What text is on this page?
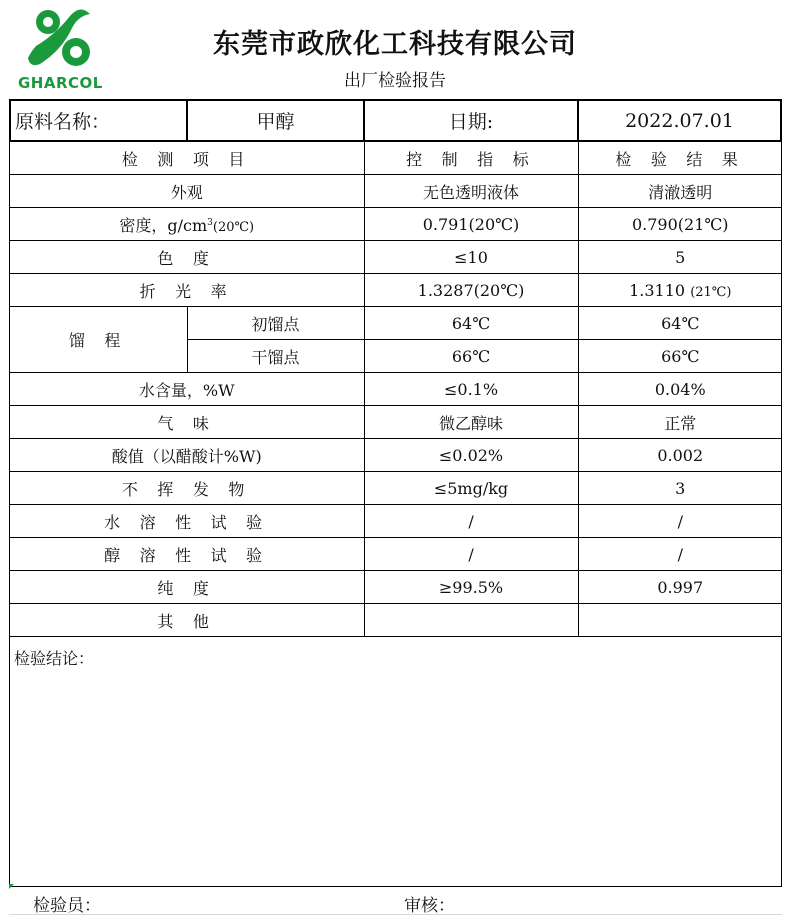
GHARCOL
东莞市政欣化工科技有限公司
出厂检验报告
原料名称：	甲醇	日期:	2022.07.01
检 测 项 目		控 制 指 标	检 验 结 果
外观		无色透明液体	清澈透明
密度，$g/cm^3(20℃)$		0.791(20℃)	0.790(21℃)
色 度		≤10	5
折 光 率		1.3287(20℃)	1.3110 (21℃)
馏 程	初馏点	64℃	64℃
	干馏点	66℃	66℃
水含量，%W		≤0.1%	0.04%
气 味		微乙醇味	正常
酸值（以醋酸计%W)		≤0.02%	0.002
不 挥 发 物		≤5mg/kg	3
水 溶 性 试 验		/	/
醇 溶 性 试 验		/	/
纯 度		≥99.5%	0.997
其 他			
检验结论：
检验员：	审核：
